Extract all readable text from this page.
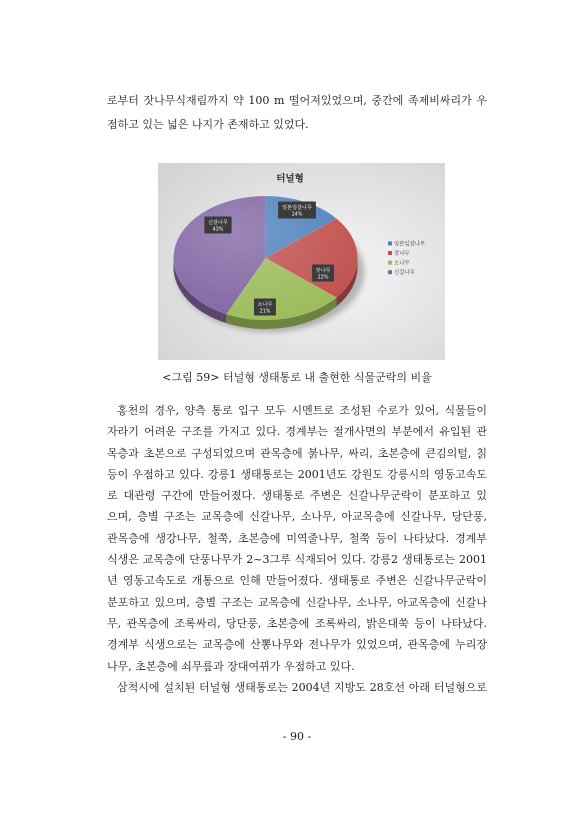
로부터 잣나무식재림까지 약 100 m 떨어져있었으며, 중간에 족제비싸리가 우
점하고 있는 넓은 나지가 존재하고 있었다.
터널형
일본잎갈나무
14%
잣나무
22%
소나무
21%
신갈나무
43%
일본잎갈나무
잣나무
소나무
신갈나무
<그림 59> 터널형 생태통로 내 출현한 식물군락의 비율
홍천의 경우, 양측 통로 입구 모두 시멘트로 조성된 수로가 있어, 식물들이
자라기 어려운 구조를 가지고 있다. 경계부는 절개사면의 부분에서 유입된 관
목층과 초본으로 구성되었으며 관목층에 붉나무, 싸리, 초본층에 큰김의털, 칡
등이 우점하고 있다. 강릉1 생태통로는 2001년도 강원도 강릉시의 영동고속도
로 대관령 구간에 만들어졌다. 생태통로 주변은 신갈나무군락이 분포하고 있
으며, 층별 구조는 교목층에 신갈나무, 소나무, 아교목층에 신갈나무, 당단풍,
관목층에 생강나무, 철쭉, 초본층에 미역줄나무, 철쭉 등이 나타났다. 경계부
식생은 교목층에 단풍나무가 2~3그루 식재되어 있다. 강릉2 생태통로는 2001
년 영동고속도로 개통으로 인해 만들어졌다. 생태통로 주변은 신갈나무군락이
분포하고 있으며, 층별 구조는 교목층에 신갈나무, 소나무, 아교목층에 신갈나
무, 관목층에 조록싸리, 당단풍, 초본층에 조록싸리, 밝은대쑥 등이 나타났다.
경계부 식생으로는 교목층에 산뽕나무와 전나무가 있었으며, 관목층에 누리장
나무, 초본층에 쇠무릎과 장대여뀌가 우점하고 있다.
삼척시에 설치된 터널형 생태통로는 2004년 지방도 28호선 아래 터널형으로
- 90 -
